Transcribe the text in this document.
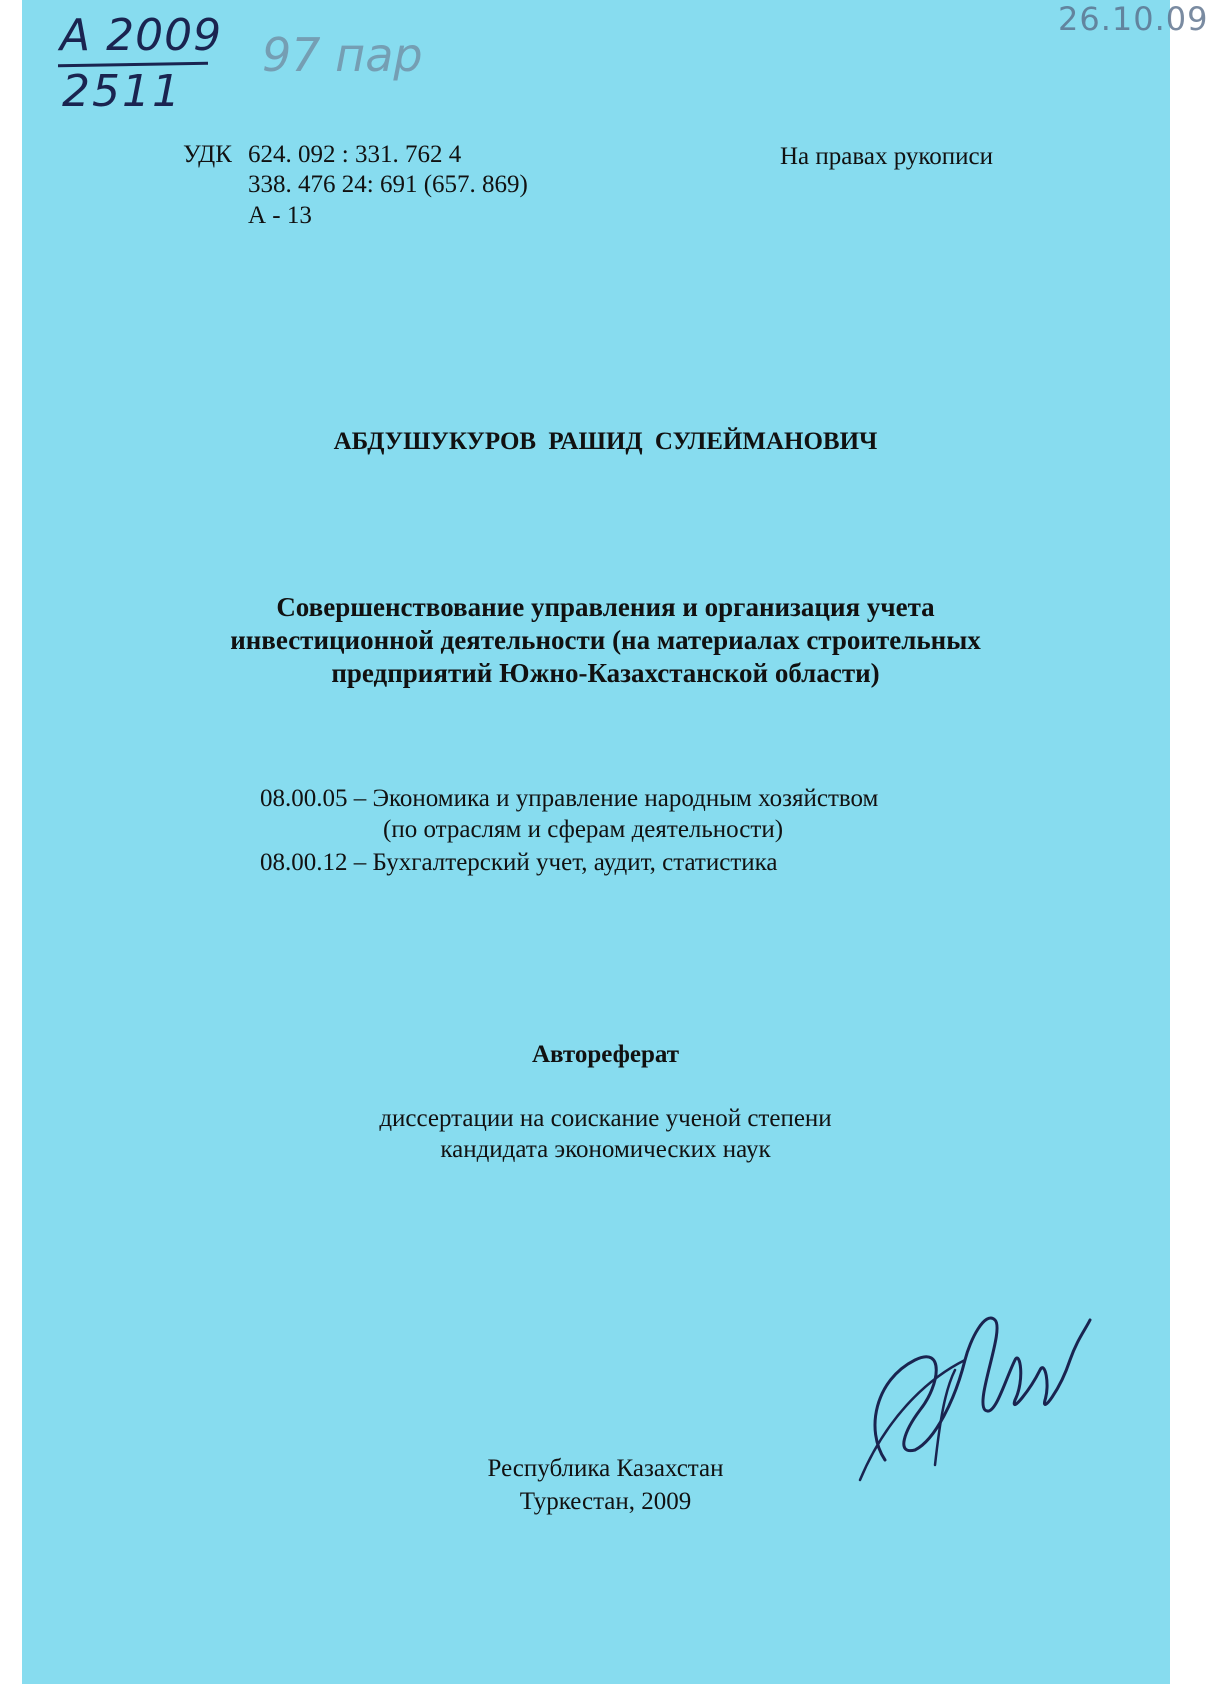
A 2009
2511
97 пар
26.10.09
УДК 624. 092 : 331. 762 4
338. 476 24: 691 (657. 869)
А - 13
На правах рукописи
АБДУШУКУРОВ РАШИД СУЛЕЙМАНОВИЧ
Совершенствование управления и организация учета
инвестиционной деятельности (на материалах строительных
предприятий Южно-Казахстанской области)
08.00.05 – Экономика и управление народным хозяйством
(по отраслям и сферам деятельности)
08.00.12 – Бухгалтерский учет, аудит, статистика
Автореферат
диссертации на соискание ученой степени
кандидата экономических наук
Республика Казахстан
Туркестан, 2009
